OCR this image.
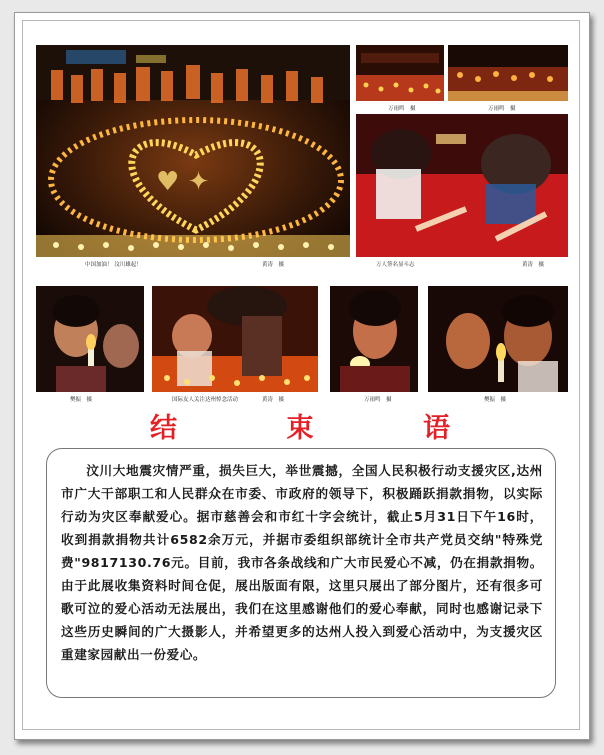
♥ ✦
中国加油！ 汶川雄起！	黄涛　摄
万雨鸣　摄	万雨鸣　摄
万人签名显斗志	黄涛　摄
樊振　摄	国际友人关注达州悼念活动	黄涛　摄	万雨鸣　摄	樊振　摄
结	束	语

汶川大地震灾情严重，损失巨大，举世震撼，全国人民积极行动支援灾区,达州市广大干部职工和人民群众在市委、市政府的领导下，积极踊跃捐款捐物，以实际行动为灾区奉献爱心。据市慈善会和市红十字会统计，截止5月31日下午16时，收到捐款捐物共计6582余万元，并据市委组织部统计全市共产党员交纳"特殊党费"9817130.76元。目前，我市各条战线和广大市民爱心不减，仍在捐款捐物。由于此展收集资料时间仓促，展出版面有限，这里只展出了部分图片，还有很多可歌可泣的爱心活动无法展出，我们在这里感谢他们的爱心奉献，同时也感谢记录下这些历史瞬间的广大摄影人，并希望更多的达州人投入到爱心活动中，为支援灾区重建家园献出一份爱心。
